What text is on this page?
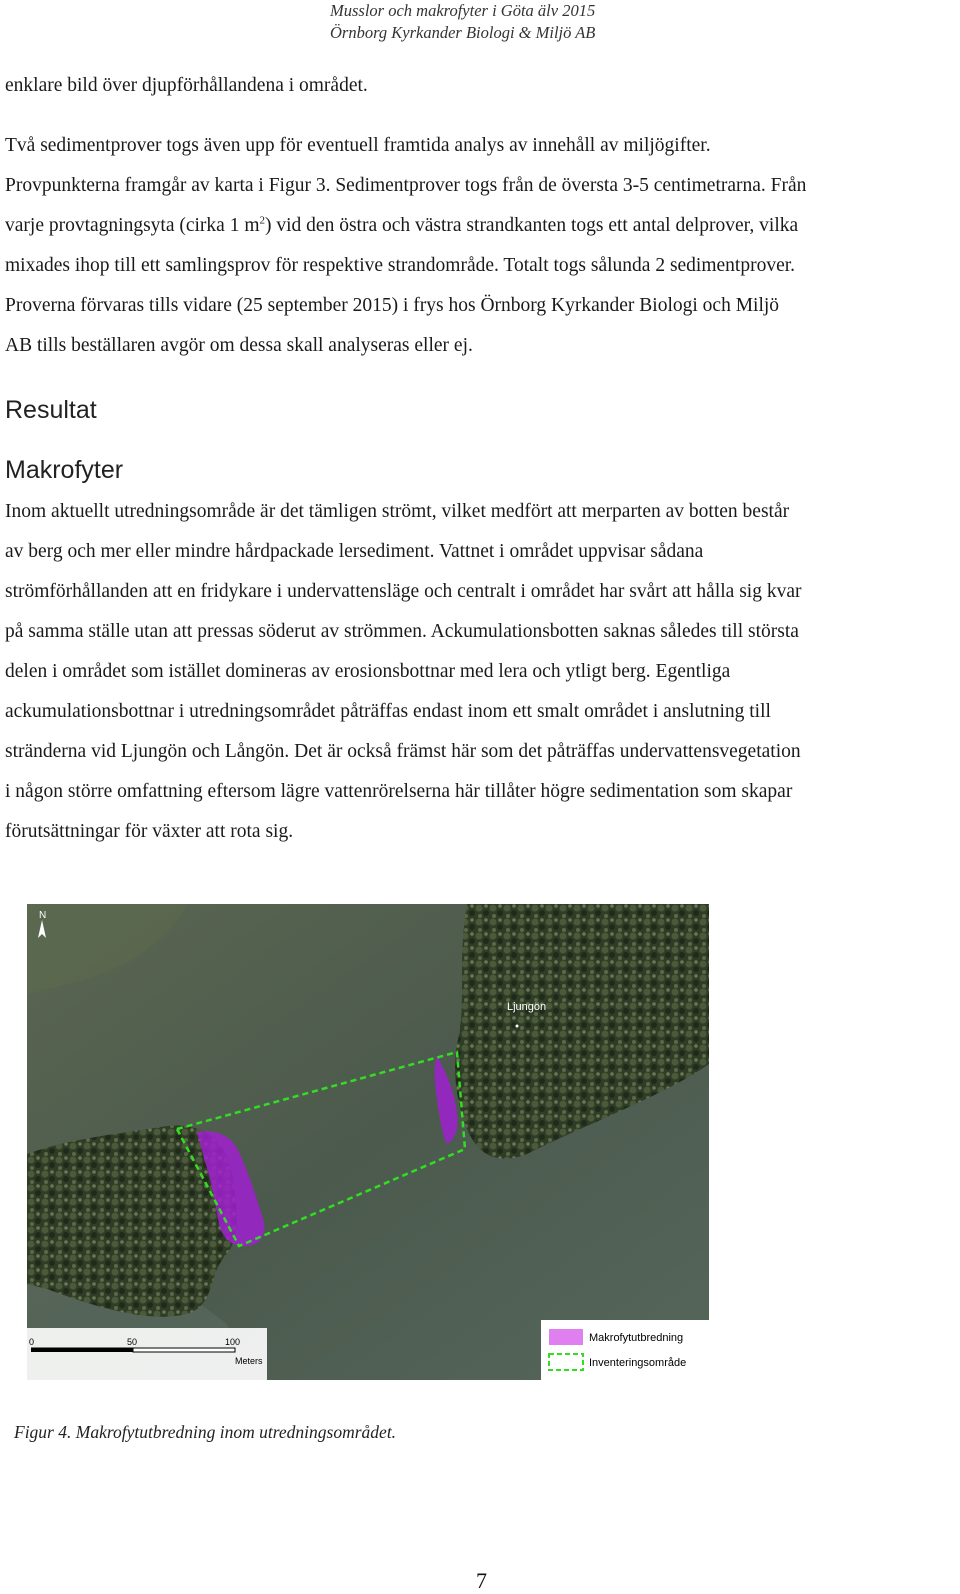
Musslor och makrofyter i Göta älv 2015
Örnborg Kyrkander Biologi & Miljö AB
enklare bild över djupförhållandena i området.
Två sedimentprover togs även upp för eventuell framtida analys av innehåll av miljögifter.
Provpunkterna framgår av karta i Figur 3. Sedimentprover togs från de översta 3-5 centimetrarna. Från
varje provtagningsyta (cirka 1 $m^2$) vid den östra och västra strandkanten togs ett antal delprover, vilka
mixades ihop till ett samlingsprov för respektive strandområde. Totalt togs sålunda 2 sedimentprover.
Proverna förvaras tills vidare (25 september 2015) i frys hos Örnborg Kyrkander Biologi och Miljö
AB tills beställaren avgör om dessa skall analyseras eller ej.
Resultat
Makrofyter
Inom aktuellt utredningsområde är det tämligen strömt, vilket medfört att merparten av botten består
av berg och mer eller mindre hårdpackade lersediment. Vattnet i området uppvisar sådana
strömförhållanden att en fridykare i undervattensläge och centralt i området har svårt att hålla sig kvar
på samma ställe utan att pressas söderut av strömmen. Ackumulationsbotten saknas således till största
delen i området som istället domineras av erosionsbottnar med lera och ytligt berg. Egentliga
ackumulationsbottnar i utredningsområdet påträffas endast inom ett smalt området i anslutning till
stränderna vid Ljungön och Långön. Det är också främst här som det påträffas undervattensvegetation
i någon större omfattning eftersom lägre vattenrörelserna här tillåter högre sedimentation som skapar
förutsättningar för växter att rota sig.
N
Ljungön
0	50	100
Meters
Makrofytutbredning
Inventeringsområde
Figur 4. Makrofytutbredning inom utredningsområdet.
7
